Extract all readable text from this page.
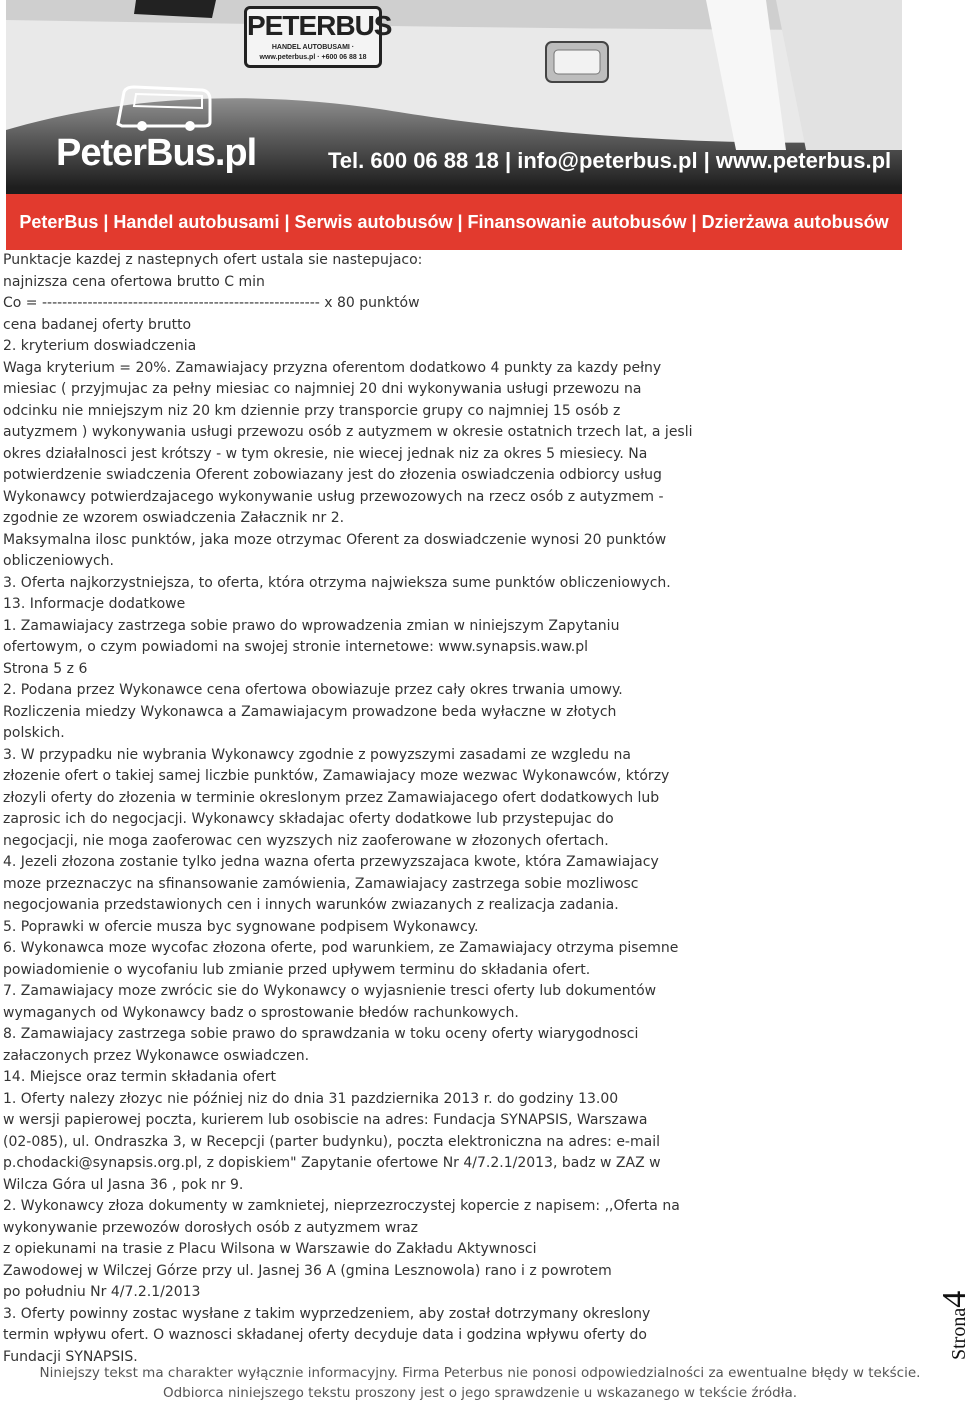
PETERBUS
HANDEL AUTOBUSAMI · www.peterbus.pl · +600 06 88 18
PeterBus.pl	Tel. 600 06 88 18 | info@peterbus.pl | www.peterbus.pl
PeterBus | Handel autobusami | Serwis autobusów | Finansowanie autobusów | Dzierżawa autobusów
Punktacje kazdej z nastepnych ofert ustala sie nastepujaco:
najnizsza cena ofertowa brutto C min
Co = ------------------------------------------------------- x 80 punktów
cena badanej oferty brutto
2. kryterium doswiadczenia
Waga kryterium = 20%. Zamawiajacy przyzna oferentom dodatkowo 4 punkty za kazdy pełny
miesiac ( przyjmujac za pełny miesiac co najmniej 20 dni wykonywania usługi przewozu na
odcinku nie mniejszym niz 20 km dziennie przy transporcie grupy co najmniej 15 osób z
autyzmem ) wykonywania usługi przewozu osób z autyzmem w okresie ostatnich trzech lat, a jesli
okres działalnosci jest krótszy - w tym okresie, nie wiecej jednak niz za okres 5 miesiecy. Na
potwierdzenie swiadczenia Oferent zobowiazany jest do złozenia oswiadczenia odbiorcy usług
Wykonawcy potwierdzajacego wykonywanie usług przewozowych na rzecz osób z autyzmem -
zgodnie ze wzorem oswiadczenia Załacznik nr 2.
Maksymalna ilosc punktów, jaka moze otrzymac Oferent za doswiadczenie wynosi 20 punktów
obliczeniowych.
3. Oferta najkorzystniejsza, to oferta, która otrzyma najwieksza sume punktów obliczeniowych.
13. Informacje dodatkowe
1. Zamawiajacy zastrzega sobie prawo do wprowadzenia zmian w niniejszym Zapytaniu
ofertowym, o czym powiadomi na swojej stronie internetowe: www.synapsis.waw.pl
Strona 5 z 6
2. Podana przez Wykonawce cena ofertowa obowiazuje przez cały okres trwania umowy.
Rozliczenia miedzy Wykonawca a Zamawiajacym prowadzone beda wyłaczne w złotych
polskich.
3. W przypadku nie wybrania Wykonawcy zgodnie z powyzszymi zasadami ze wzgledu na
złozenie ofert o takiej samej liczbie punktów, Zamawiajacy moze wezwac Wykonawców, którzy
złozyli oferty do złozenia w terminie okreslonym przez Zamawiajacego ofert dodatkowych lub
zaprosic ich do negocjacji. Wykonawcy składajac oferty dodatkowe lub przystepujac do
negocjacji, nie moga zaoferowac cen wyzszych niz zaoferowane w złozonych ofertach.
4. Jezeli złozona zostanie tylko jedna wazna oferta przewyzszajaca kwote, która Zamawiajacy
moze przeznaczyc na sfinansowanie zamówienia, Zamawiajacy zastrzega sobie mozliwosc
negocjowania przedstawionych cen i innych warunków zwiazanych z realizacja zadania.
5. Poprawki w ofercie musza byc sygnowane podpisem Wykonawcy.
6. Wykonawca moze wycofac złozona oferte, pod warunkiem, ze Zamawiajacy otrzyma pisemne
powiadomienie o wycofaniu lub zmianie przed upływem terminu do składania ofert.
7. Zamawiajacy moze zwrócic sie do Wykonawcy o wyjasnienie tresci oferty lub dokumentów
wymaganych od Wykonawcy badz o sprostowanie błedów rachunkowych.
8. Zamawiajacy zastrzega sobie prawo do sprawdzania w toku oceny oferty wiarygodnosci
załaczonych przez Wykonawce oswiadczen.
14. Miejsce oraz termin składania ofert
1. Oferty nalezy złozyc nie później niz do dnia 31 pazdziernika 2013 r. do godziny 13.00
w wersji papierowej poczta, kurierem lub osobiscie na adres: Fundacja SYNAPSIS, Warszawa
(02-085), ul. Ondraszka 3, w Recepcji (parter budynku), poczta elektroniczna na adres: e-mail
p.chodacki@synapsis.org.pl, z dopiskiem" Zapytanie ofertowe Nr 4/7.2.1/2013, badz w ZAZ w
Wilcza Góra ul Jasna 36 , pok nr 9.
2. Wykonawcy złoza dokumenty w zamknietej, nieprzezroczystej kopercie z napisem: ,,Oferta na
wykonywanie przewozów dorosłych osób z autyzmem wraz
z opiekunami na trasie z Placu Wilsona w Warszawie do Zakładu Aktywnosci
Zawodowej w Wilczej Górze przy ul. Jasnej 36 A (gmina Lesznowola) rano i z powrotem
po południu Nr 4/7.2.1/2013
3. Oferty powinny zostac wysłane z takim wyprzedzeniem, aby został dotrzymany okreslony
termin wpływu ofert. O waznosci składanej oferty decyduje data i godzina wpływu oferty do
Fundacji SYNAPSIS.	Strona4
Niniejszy tekst ma charakter wyłącznie informacyjny. Firma Peterbus nie ponosi odpowiedzialności za ewentualne błędy w tekście.
Odbiorca niniejszego tekstu proszony jest o jego sprawdzenie u wskazanego w tekście źródła.
